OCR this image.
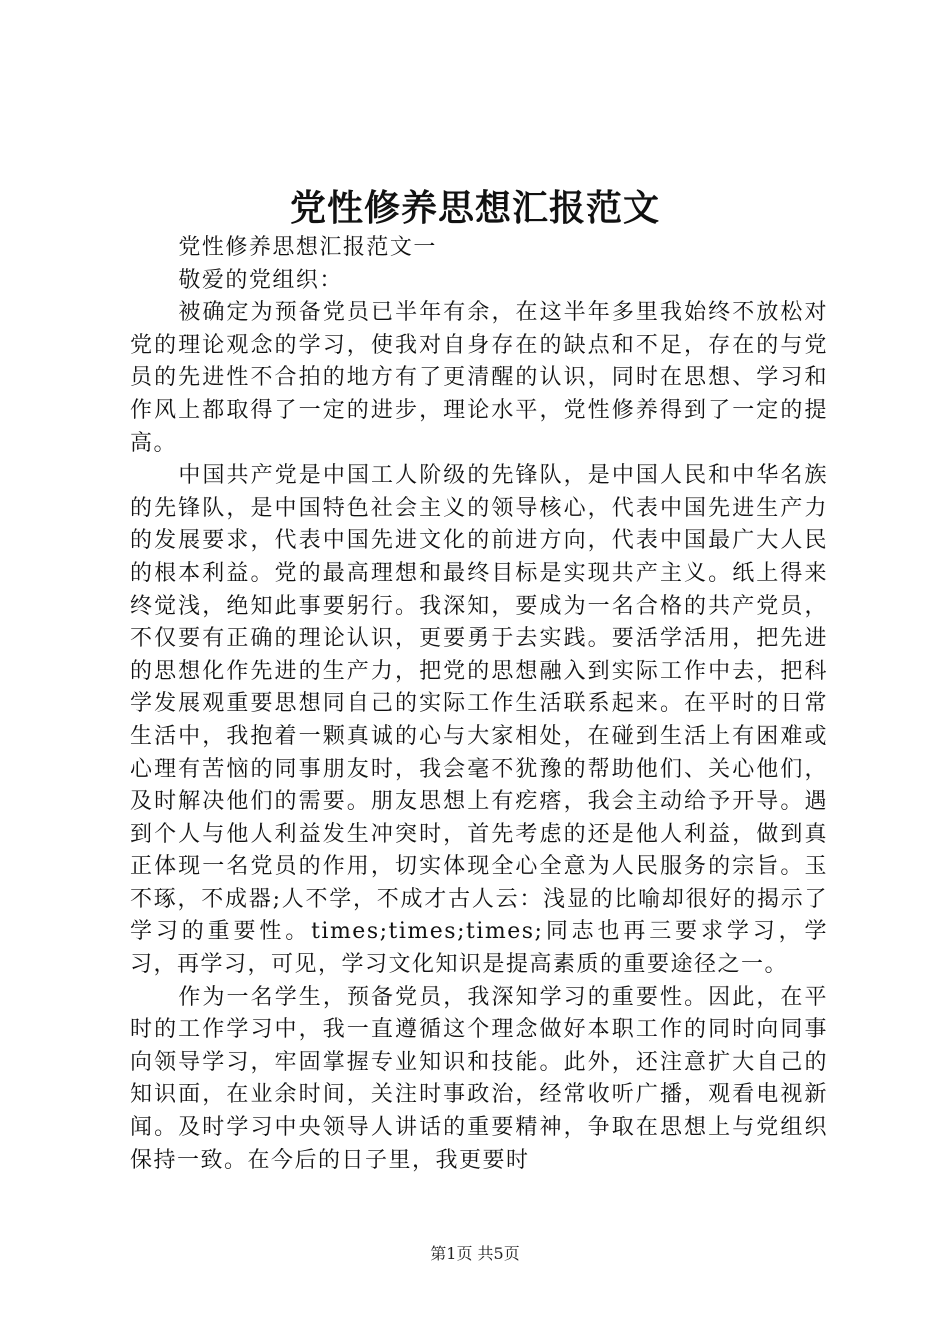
党性修养思想汇报范文

党性修养思想汇报范文一

敬爱的党组织：

被确定为预备党员已半年有余，在这半年多里我始终不放松对党的理论观念的学习，使我对自身存在的缺点和不足，存在的与党员的先进性不合拍的地方有了更清醒的认识，同时在思想、学习和作风上都取得了一定的进步，理论水平，党性修养得到了一定的提高。

中国共产党是中国工人阶级的先锋队，是中国人民和中华名族的先锋队，是中国特色社会主义的领导核心，代表中国先进生产力的发展要求，代表中国先进文化的前进方向，代表中国最广大人民的根本利益。党的最高理想和最终目标是实现共产主义。纸上得来终觉浅，绝知此事要躬行。我深知，要成为一名合格的共产党员，不仅要有正确的理论认识，更要勇于去实践。要活学活用，把先进的思想化作先进的生产力，把党的思想融入到实际工作中去，把科学发展观重要思想同自己的实际工作生活联系起来。在平时的日常生活中，我抱着一颗真诚的心与大家相处，在碰到生活上有困难或心理有苦恼的同事朋友时，我会毫不犹豫的帮助他们、关心他们，及时解决他们的需要。朋友思想上有疙瘩，我会主动给予开导。遇到个人与他人利益发生冲突时，首先考虑的还是他人利益，做到真正体现一名党员的作用，切实体现全心全意为人民服务的宗旨。玉不琢，不成器;人不学，不成才古人云：浅显的比喻却很好的揭示了学习的重要性。times;times;times;同志也再三要求学习，学习，再学习，可见，学习文化知识是提高素质的重要途径之一。

作为一名学生，预备党员，我深知学习的重要性。因此，在平时的工作学习中，我一直遵循这个理念做好本职工作的同时向同事向领导学习，牢固掌握专业知识和技能。此外，还注意扩大自己的知识面，在业余时间，关注时事政治，经常收听广播，观看电视新闻。及时学习中央领导人讲话的重要精神，争取在思想上与党组织保持一致。在今后的日子里，我更要时

第1页 共5页
